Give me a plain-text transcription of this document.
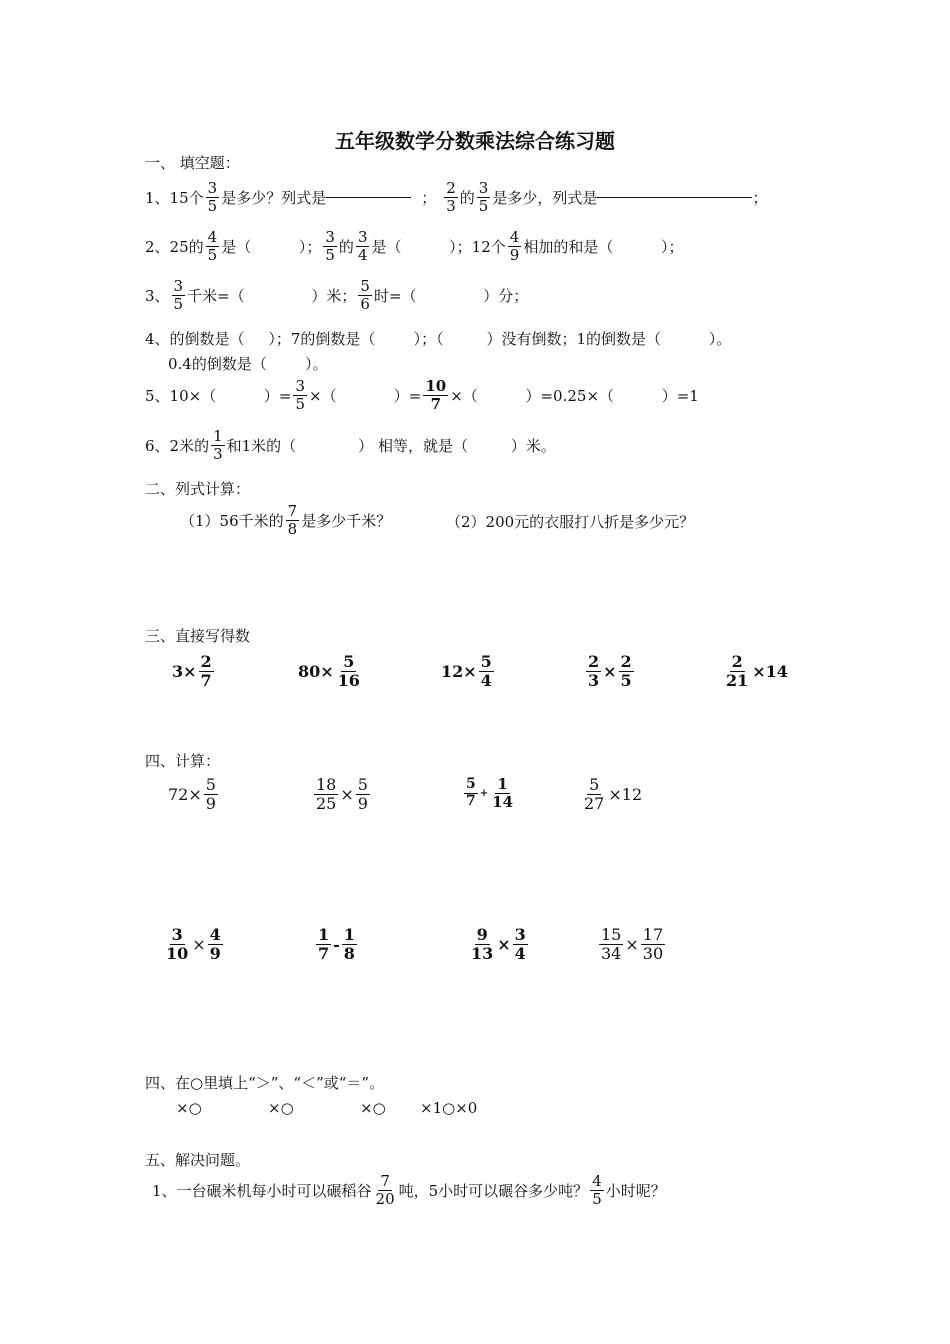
五年级数学分数乘法综合练习题
一、 填空题：
1、15个 $\frac{3}{5}$ 是多少？列式是	； $\frac{2}{3}$ 的 $\frac{3}{5}$ 是多少，列式是	；
2、25的 $\frac{4}{5}$ 是（          ）； $\frac{3}{5}$ 的 $\frac{3}{4}$ 是（          ）；12个 $\frac{4}{9}$ 相加的和是（          ）；
3、 $\frac{3}{5}$ 千米=（              ）米； $\frac{5}{6}$ 时=（              ）分；
4、的倒数是（     ）；7的倒数是（        ）；（         ）没有倒数；1的倒数是（          ）。
0.4的倒数是（        ）。
5、10×（          ）= $\frac{3}{5}$ ×（            ）= $\frac{10}{7}$ ×（          ）=0.25×（          ）=1
6、2米的 $\frac{1}{3}$ 和1米的（             ） 相等，就是（         ）米。
二、列式计算：
（1）56千米的 $\frac{7}{8}$ 是多少千米？	（2）200元的衣服打八折是多少元？
三、直接写得数
$3\times \frac{2}{7}$	$80\times \frac{5}{16}$	$12\times \frac{5}{4}$	$\frac{2}{3} \times \frac{2}{5}$	$\frac{2}{21} \times 14$
四、计算：
$72\times \frac{5}{9}$	$\frac{18}{25} \times \frac{5}{9}$	$\frac{5}{7} + \frac{1}{14}$	$\frac{5}{27} \times 12$
$\frac{3}{10} \times \frac{4}{9}$	$\frac{1}{7} - \frac{1}{8}$	$\frac{9}{13} \times \frac{3}{4}$	$\frac{15}{34} \times \frac{17}{30}$
四、在○里填上“＞”、“＜”或“＝”。
×○	×○	×○ ×1○×0
五、解决问题。
1、一台碾米机每小时可以碾稻谷 $\frac{7}{20}$ 吨，5小时可以碾谷多少吨？ $\frac{4}{5}$ 小时呢？
